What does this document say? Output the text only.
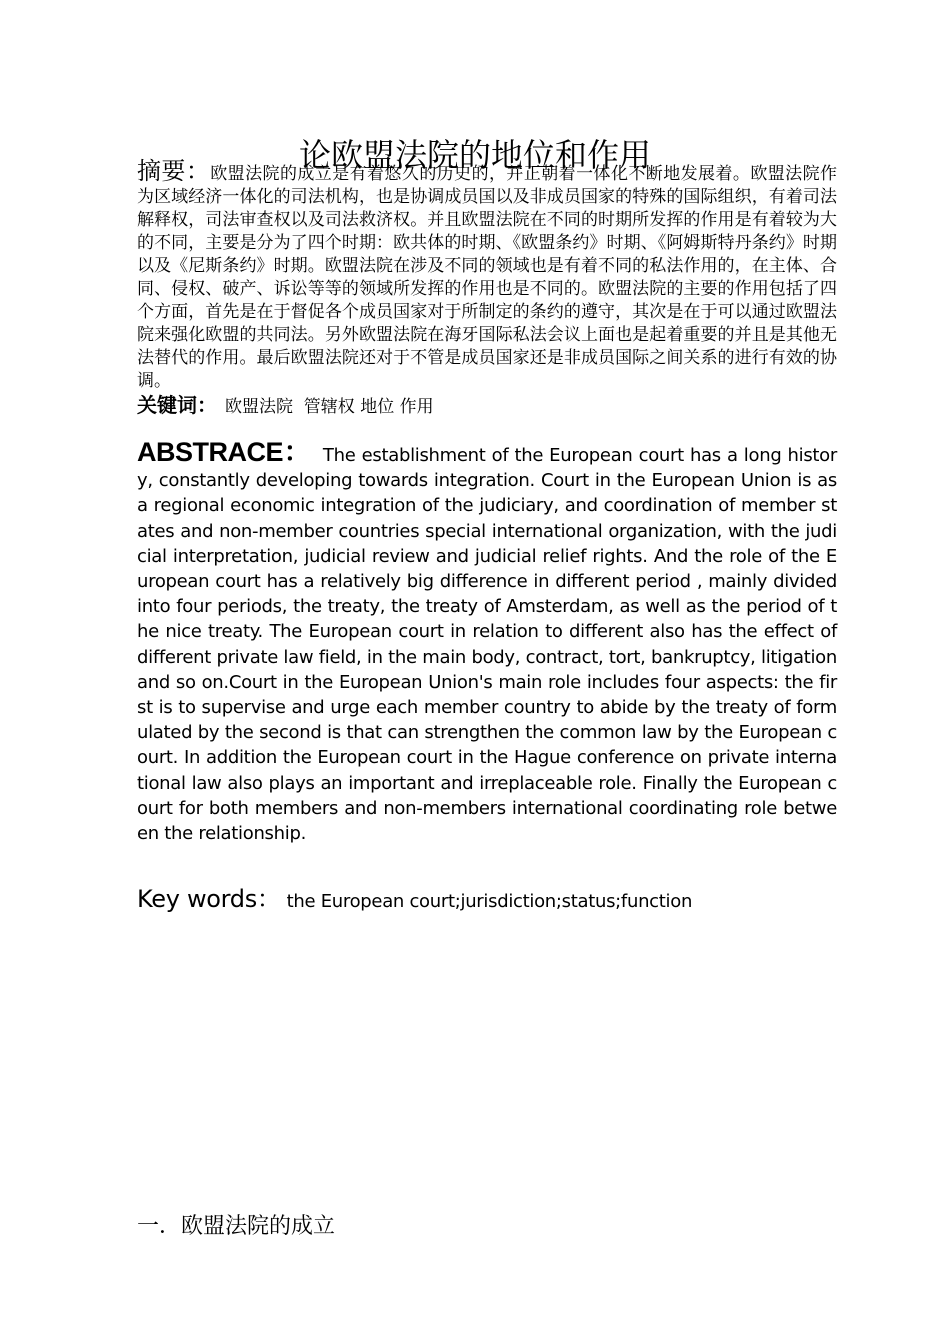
论欧盟法院的地位和作用
摘要：欧盟法院的成立是有着悠久的历史的，并正朝着一体化不断地发展着。欧盟法院作为区域经济一体化的司法机构，也是协调成员国以及非成员国家的特殊的国际组织，有着司法解释权，司法审查权以及司法救济权。并且欧盟法院在不同的时期所发挥的作用是有着较为大的不同，主要是分为了四个时期：欧共体的时期、《欧盟条约》时期、《阿姆斯特丹条约》时期以及《尼斯条约》时期。欧盟法院在涉及不同的领域也是有着不同的私法作用的，在主体、合同、侵权、破产、诉讼等等的领域所发挥的作用也是不同的。欧盟法院的主要的作用包括了四个方面，首先是在于督促各个成员国家对于所制定的条约的遵守，其次是在于可以通过欧盟法院来强化欧盟的共同法。另外欧盟法院在海牙国际私法会议上面也是起着重要的并且是其他无法替代的作用。最后欧盟法院还对于不管是成员国家还是非成员国际之间关系的进行有效的协调。
关键词： 欧盟法院  管辖权 地位 作用
ABSTRACE： The establishment of the European court has a long history, constantly developing towards integration. Court in the European Union is as a regional economic integration of the judiciary, and coordination of member states and non-member countries special international organization, with the judicial interpretation, judicial review and judicial relief rights. And the role of the European court has a relatively big difference in different period , mainly divided into four periods, the treaty, the treaty of Amsterdam, as well as the period of the nice treaty. The European court in relation to different also has the effect of different private law field, in the main body, contract, tort, bankruptcy, litigation and so on.Court in the European Union's main role includes four aspects: the first is to supervise and urge each member country to abide by the treaty of formulated by the second is that can strengthen the common law by the European court. In addition the European court in the Hague conference on private international law also plays an important and irreplaceable role. Finally the European court for both members and non-members international coordinating role between the relationship.
Key words： the European court;jurisdiction;status;function
一．欧盟法院的成立
